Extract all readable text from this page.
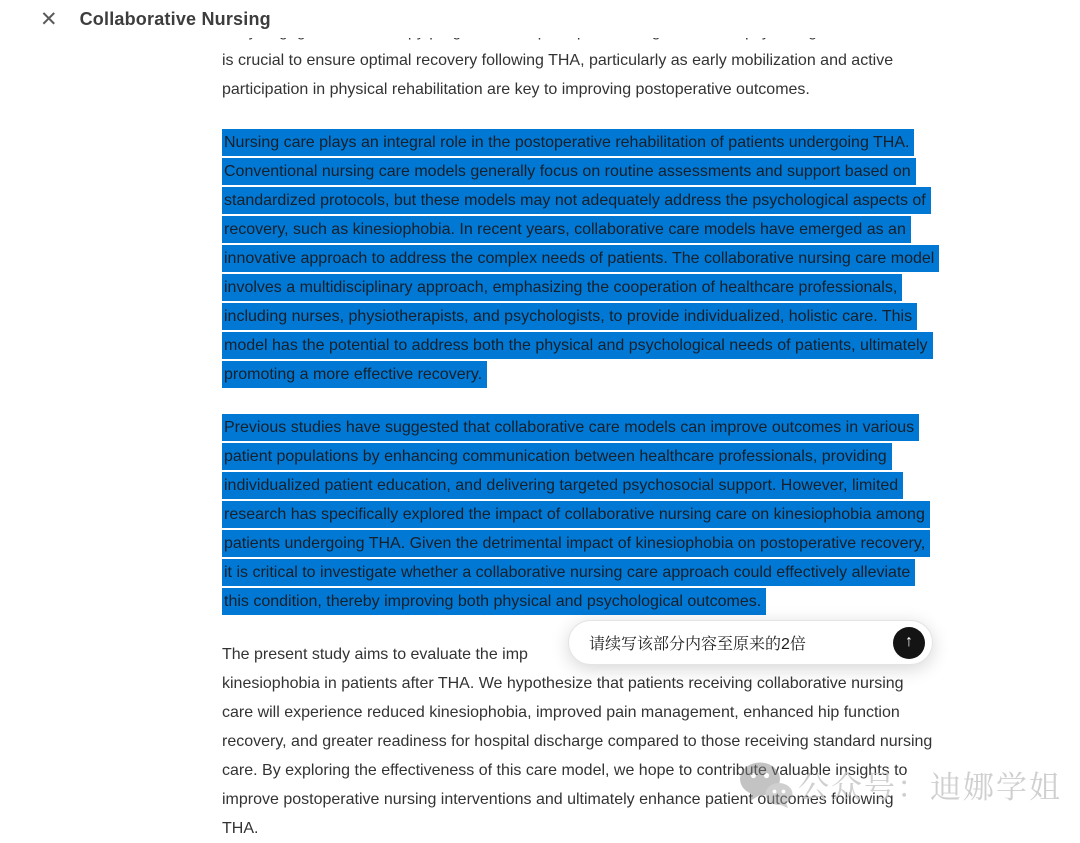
is crucial to ensure optimal recovery following THA, particularly as early mobilization and active
participation in physical rehabilitation are key to improving postoperative outcomes.
Nursing care plays an integral role in the postoperative rehabilitation of patients undergoing THA.
Conventional nursing care models generally focus on routine assessments and support based on
standardized protocols, but these models may not adequately address the psychological aspects of
recovery, such as kinesiophobia. In recent years, collaborative care models have emerged as an
innovative approach to address the complex needs of patients. The collaborative nursing care model
involves a multidisciplinary approach, emphasizing the cooperation of healthcare professionals,
including nurses, physiotherapists, and psychologists, to provide individualized, holistic care. This
model has the potential to address both the physical and psychological needs of patients, ultimately
promoting a more effective recovery.
Previous studies have suggested that collaborative care models can improve outcomes in various
patient populations by enhancing communication between healthcare professionals, providing
individualized patient education, and delivering targeted psychosocial support. However, limited
research has specifically explored the impact of collaborative nursing care on kinesiophobia among
patients undergoing THA. Given the detrimental impact of kinesiophobia on postoperative recovery,
it is critical to investigate whether a collaborative nursing care approach could effectively alleviate
this condition, thereby improving both physical and psychological outcomes.
The present study aims to evaluate the imp
kinesiophobia in patients after THA. We hypothesize that patients receiving collaborative nursing
care will experience reduced kinesiophobia, improved pain management, enhanced hip function
recovery, and greater readiness for hospital discharge compared to those receiving standard nursing
care. By exploring the effectiveness of this care model, we hope to contribute valuable insights to
improve postoperative nursing interventions and ultimately enhance patient outcomes following
THA.
公众号：迪娜学姐
✕ Collaborative Nursing
请续写该部分内容至原来的2倍	↑
